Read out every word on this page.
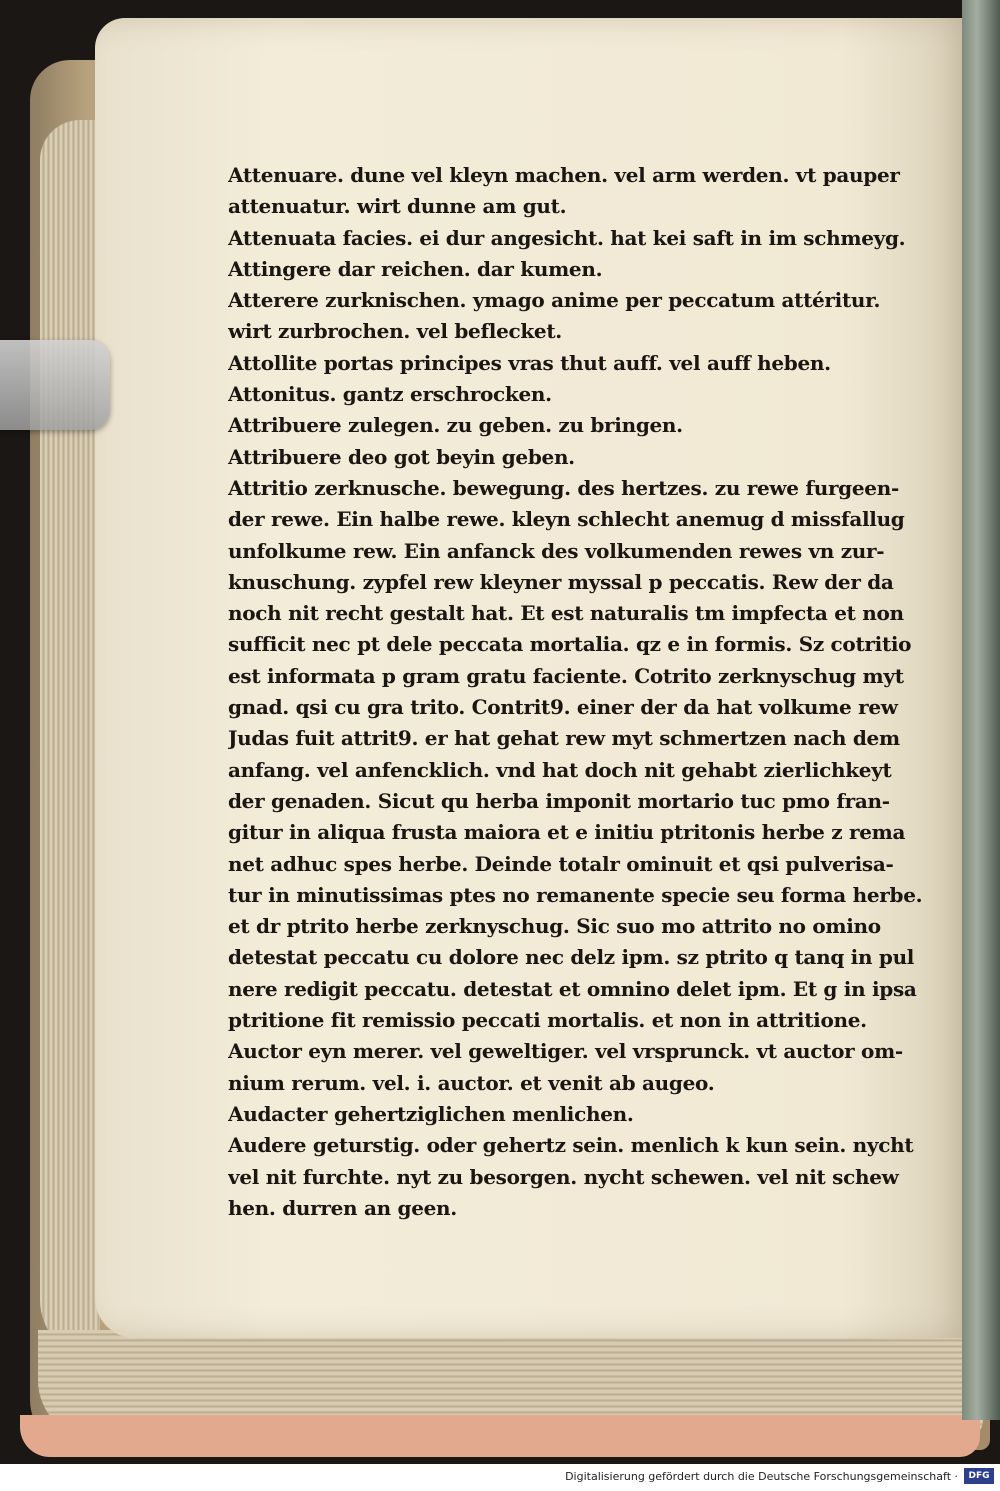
Attenuare. dune vel kleyn machen. vel arm werden. vt pauper
attenuatur. wirt dunne am gut.
Attenuata facies. ei dur angesicht. hat kei saft in im schmeyg.
Attingere dar reichen. dar kumen.
Atterere zurknischen. ymago anime per peccatum attéritur.
wirt zurbrochen. vel beflecket.
Attollite portas principes vras thut auff. vel auff heben.
Attonitus. gantz erschrocken.
Attribuere zulegen. zu geben. zu bringen.
Attribuere deo got beyin geben.
Attritio zerknusche. bewegung. des hertzes. zu rewe furgeen-
der rewe. Ein halbe rewe. kleyn schlecht anemug d missfallug
unfolkume rew. Ein anfanck des volkumenden rewes vn zur-
knuschung. zypfel rew kleyner myssal p peccatis. Rew der da
noch nit recht gestalt hat. Et est naturalis tm impfecta et non
sufficit nec pt dele peccata mortalia. qz e in formis. Sz cotritio
est informata p gram gratu faciente. Cotrito zerknyschug myt
gnad. qsi cu gra trito. Contrit9. einer der da hat volkume rew
Judas fuit attrit9. er hat gehat rew myt schmertzen nach dem
anfang. vel anfencklich. vnd hat doch nit gehabt zierlichkeyt
der genaden. Sicut qu herba imponit mortario tuc pmo fran-
gitur in aliqua frusta maiora et e initiu ptritonis herbe z rema
net adhuc spes herbe. Deinde totalr ominuit et qsi pulverisa-
tur in minutissimas ptes no remanente specie seu forma herbe.
et dr ptrito herbe zerknyschug. Sic suo mo attrito no omino
detestat peccatu cu dolore nec delz ipm. sz ptrito q tanq in pul
nere redigit peccatu. detestat et omnino delet ipm. Et g in ipsa
ptritione fit remissio peccati mortalis. et non in attritione.
Auctor eyn merer. vel geweltiger. vel vrsprunck. vt auctor om-
nium rerum. vel. i. auctor. et venit ab augeo.
Audacter gehertziglichen menlichen.
Audere geturstig. oder gehertz sein. menlich k kun sein. nycht
vel nit furchte. nyt zu besorgen. nycht schewen. vel nit schew
hen. durren an geen.
Digitalisierung gefördert durch die Deutsche Forschungsgemeinschaft ·	DFG
